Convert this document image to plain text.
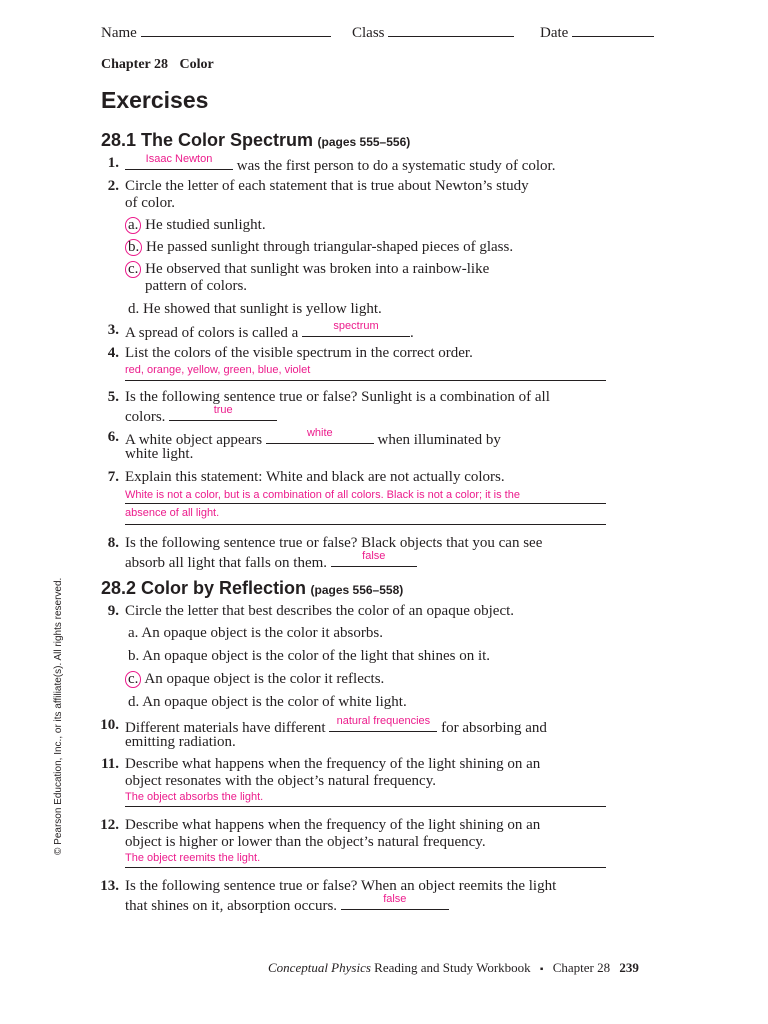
Name	Class	Date
Chapter 28 Color
Exercises
28.1 The Color Spectrum (pages 555–556)
1.	Isaac Newton	was the first person to do a systematic study of color.
2. Circle the letter of each statement that is true about Newton’s study
of color.
a. He studied sunlight.
b. He passed sunlight through triangular-shaped pieces of glass.
c. He observed that sunlight was broken into a rainbow-like
pattern of colors.
d. He showed that sunlight is yellow light.
3. A spread of colors is called a	spectrum	.
4. List the colors of the visible spectrum in the correct order.
red, orange, yellow, green, blue, violet
5. Is the following sentence true or false? Sunlight is a combination of all
colors.	true
6. A white object appears	white	when illuminated by
white light.
7. Explain this statement: White and black are not actually colors.
White is not a color, but is a combination of all colors. Black is not a color; it is the
absence of all light.
8. Is the following sentence true or false? Black objects that you can see
absorb all light that falls on them.	false
28.2 Color by Reflection (pages 556–558)
9. Circle the letter that best describes the color of an opaque object.
a. An opaque object is the color it absorbs.
b. An opaque object is the color of the light that shines on it.
c. An opaque object is the color it reflects.
d. An opaque object is the color of white light.
10. Different materials have different natural frequencies for absorbing and
emitting radiation.
11. Describe what happens when the frequency of the light shining on an
object resonates with the object’s natural frequency.
The object absorbs the light.
12. Describe what happens when the frequency of the light shining on an
object is higher or lower than the object’s natural frequency.
The object reemits the light.
13. Is the following sentence true or false? When an object reemits the light
that shines on it, absorption occurs.	false
© Pearson Education, Inc., or its affiliate(s). All rights reserved.
Conceptual Physics Reading and Study Workbook ▪ Chapter 28 239
